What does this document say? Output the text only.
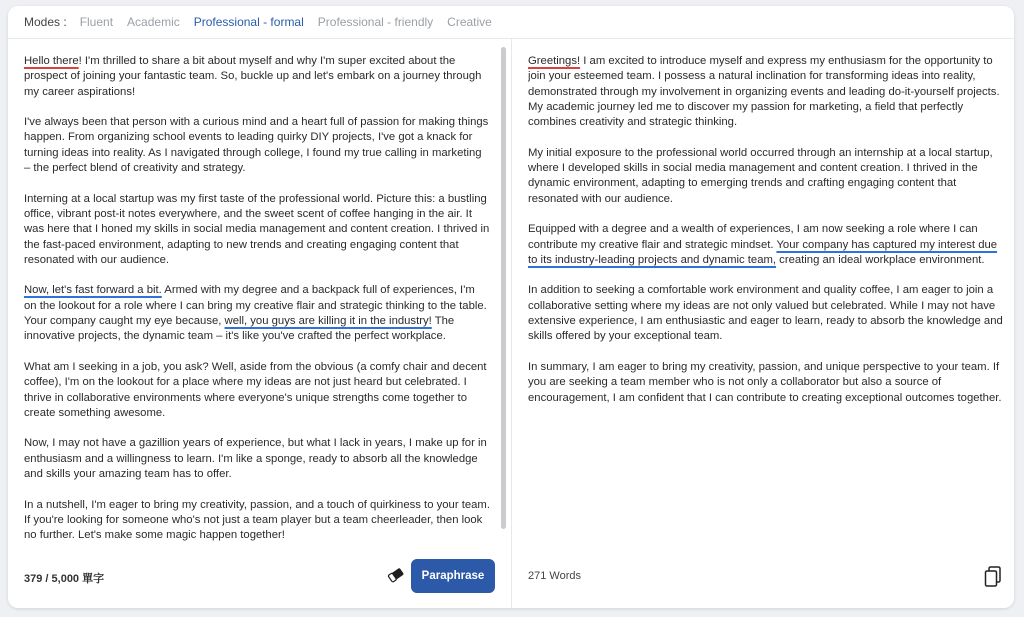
Modes :	Fluent	Academic	Professional - formal	Professional - friendly	Creative

Hello there! I'm thrilled to share a bit about myself and why I'm super excited about the prospect of joining your fantastic team. So, buckle up and let's embark on a journey through my career aspirations!

I've always been that person with a curious mind and a heart full of passion for making things happen. From organizing school events to leading quirky DIY projects, I've got a knack for turning ideas into reality. As I navigated through college, I found my true calling in marketing – the perfect blend of creativity and strategy.

Interning at a local startup was my first taste of the professional world. Picture this: a bustling office, vibrant post-it notes everywhere, and the sweet scent of coffee hanging in the air. It was here that I honed my skills in social media management and content creation. I thrived in the fast-paced environment, adapting to new trends and creating engaging content that resonated with our audience.

Now, let's fast forward a bit. Armed with my degree and a backpack full of experiences, I'm on the lookout for a role where I can bring my creative flair and strategic thinking to the table. Your company caught my eye because, well, you guys are killing it in the industry! The innovative projects, the dynamic team – it's like you've crafted the perfect workplace.

What am I seeking in a job, you ask? Well, aside from the obvious (a comfy chair and decent coffee), I'm on the lookout for a place where my ideas are not just heard but celebrated. I thrive in collaborative environments where everyone's unique strengths come together to create something awesome.

Now, I may not have a gazillion years of experience, but what I lack in years, I make up for in enthusiasm and a willingness to learn. I'm like a sponge, ready to absorb all the knowledge and skills your amazing team has to offer.

In a nutshell, I'm eager to bring my creativity, passion, and a touch of quirkiness to your team. If you're looking for someone who's not just a team player but a team cheerleader, then look no further. Let's make some magic happen together!

379 / 5,000 單字	Paraphrase

Greetings! I am excited to introduce myself and express my enthusiasm for the opportunity to join your esteemed team. I possess a natural inclination for transforming ideas into reality, demonstrated through my involvement in organizing events and leading do-it-yourself projects. My academic journey led me to discover my passion for marketing, a field that perfectly combines creativity and strategic thinking.

My initial exposure to the professional world occurred through an internship at a local startup, where I developed skills in social media management and content creation. I thrived in the dynamic environment, adapting to emerging trends and crafting engaging content that resonated with our audience.

Equipped with a degree and a wealth of experiences, I am now seeking a role where I can contribute my creative flair and strategic mindset. Your company has captured my interest due to its industry-leading projects and dynamic team, creating an ideal workplace environment.

In addition to seeking a comfortable work environment and quality coffee, I am eager to join a collaborative setting where my ideas are not only valued but celebrated. While I may not have extensive experience, I am enthusiastic and eager to learn, ready to absorb the knowledge and skills offered by your exceptional team.

In summary, I am eager to bring my creativity, passion, and unique perspective to your team. If you are seeking a team member who is not only a collaborator but also a source of encouragement, I am confident that I can contribute to creating exceptional outcomes together.

271 Words
